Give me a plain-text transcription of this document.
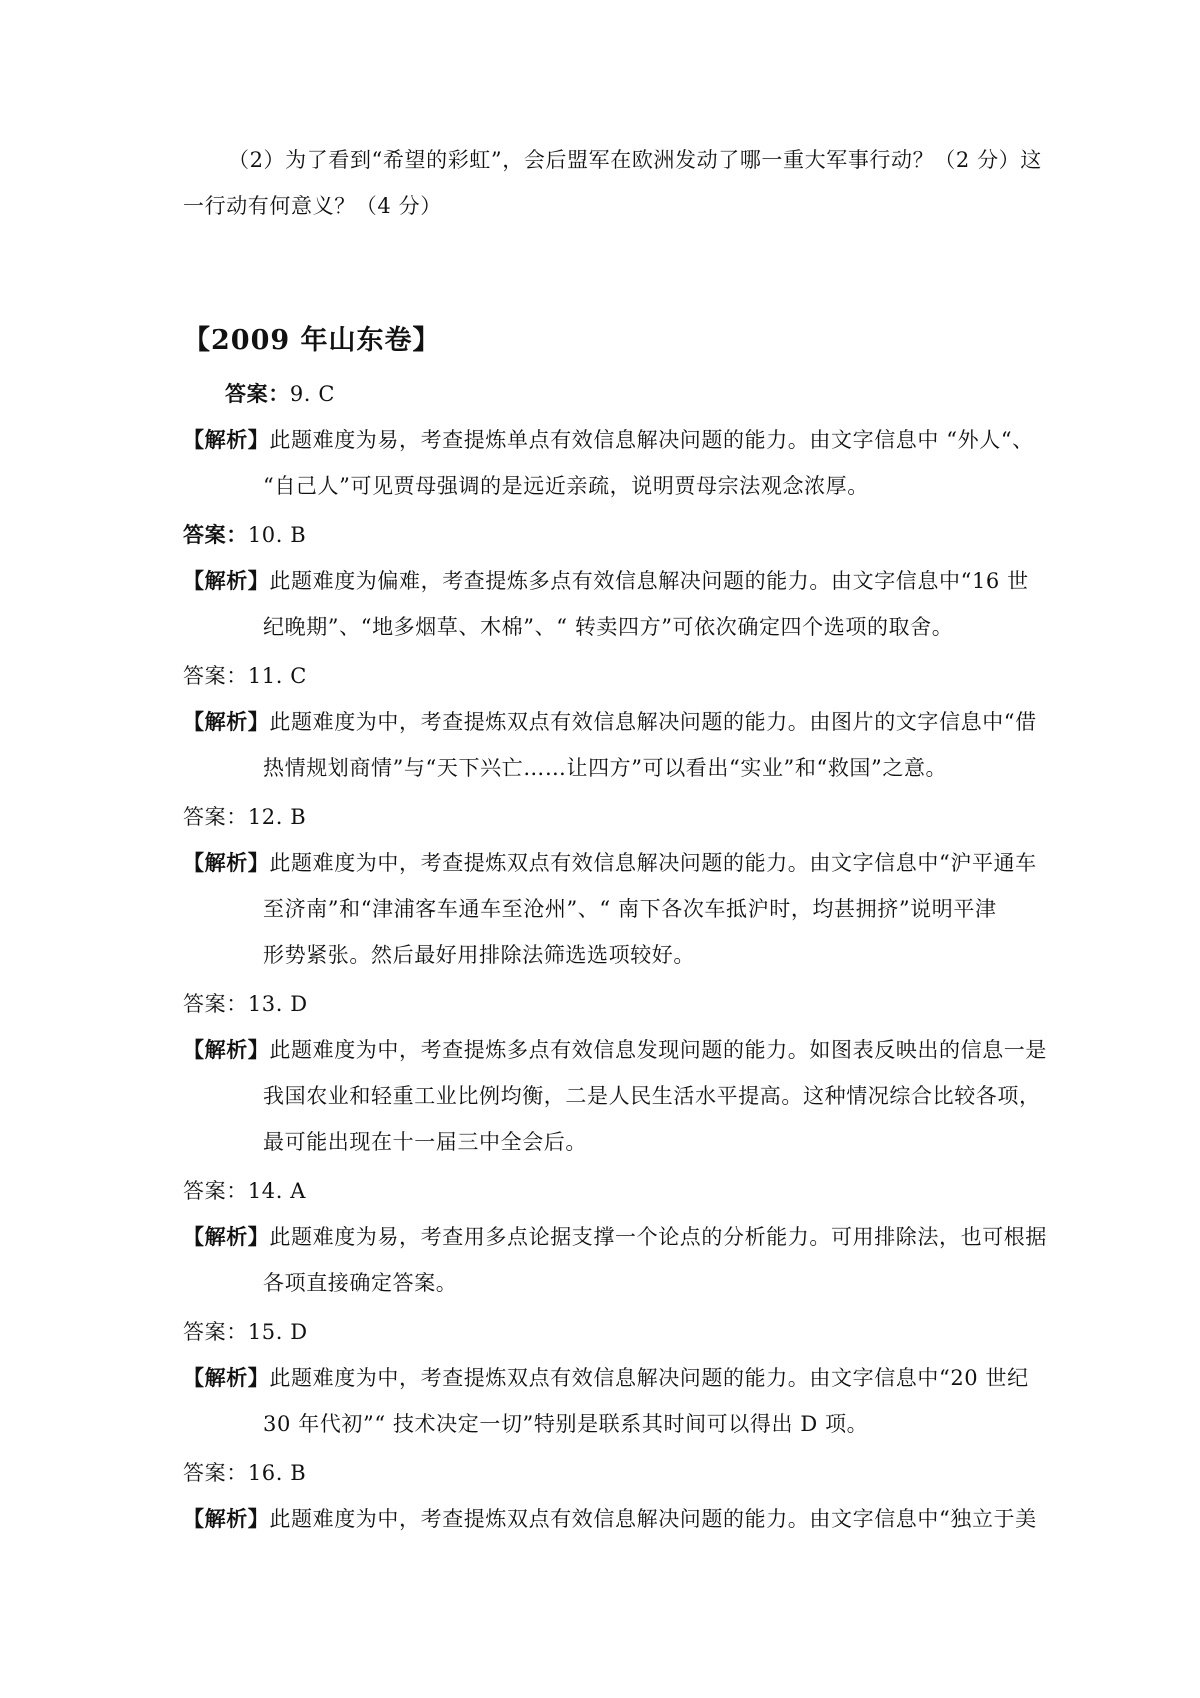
（2）为了看到“希望的彩虹”，会后盟军在欧洲发动了哪一重大军事行动？（2 分）这
一行动有何意义？（4 分）
【2009 年山东卷】
答案：9. C
【解析】此题难度为易，考查提炼单点有效信息解决问题的能力。由文字信息中 “外人“、
“自己人”可见贾母强调的是远近亲疏，说明贾母宗法观念浓厚。
答案：10. B
【解析】此题难度为偏难，考查提炼多点有效信息解决问题的能力。由文字信息中“16 世
纪晚期”、“地多烟草、木棉”、“ 转卖四方”可依次确定四个选项的取舍。
答案：11. C
【解析】此题难度为中，考查提炼双点有效信息解决问题的能力。由图片的文字信息中“借
热情规划商情”与“天下兴亡……让四方”可以看出“实业”和“救国”之意。
答案：12. B
【解析】此题难度为中，考查提炼双点有效信息解决问题的能力。由文字信息中“沪平通车
至济南”和“津浦客车通车至沧州”、“ 南下各次车抵沪时，均甚拥挤”说明平津
形势紧张。然后最好用排除法筛选选项较好。
答案：13. D
【解析】此题难度为中，考查提炼多点有效信息发现问题的能力。如图表反映出的信息一是
我国农业和轻重工业比例均衡，二是人民生活水平提高。这种情况综合比较各项，
最可能出现在十一届三中全会后。
答案：14. A
【解析】此题难度为易，考查用多点论据支撑一个论点的分析能力。可用排除法，也可根据
各项直接确定答案。
答案：15. D
【解析】此题难度为中，考查提炼双点有效信息解决问题的能力。由文字信息中“20 世纪
30 年代初”“ 技术决定一切”特别是联系其时间可以得出 D 项。
答案：16. B
【解析】此题难度为中，考查提炼双点有效信息解决问题的能力。由文字信息中“独立于美
